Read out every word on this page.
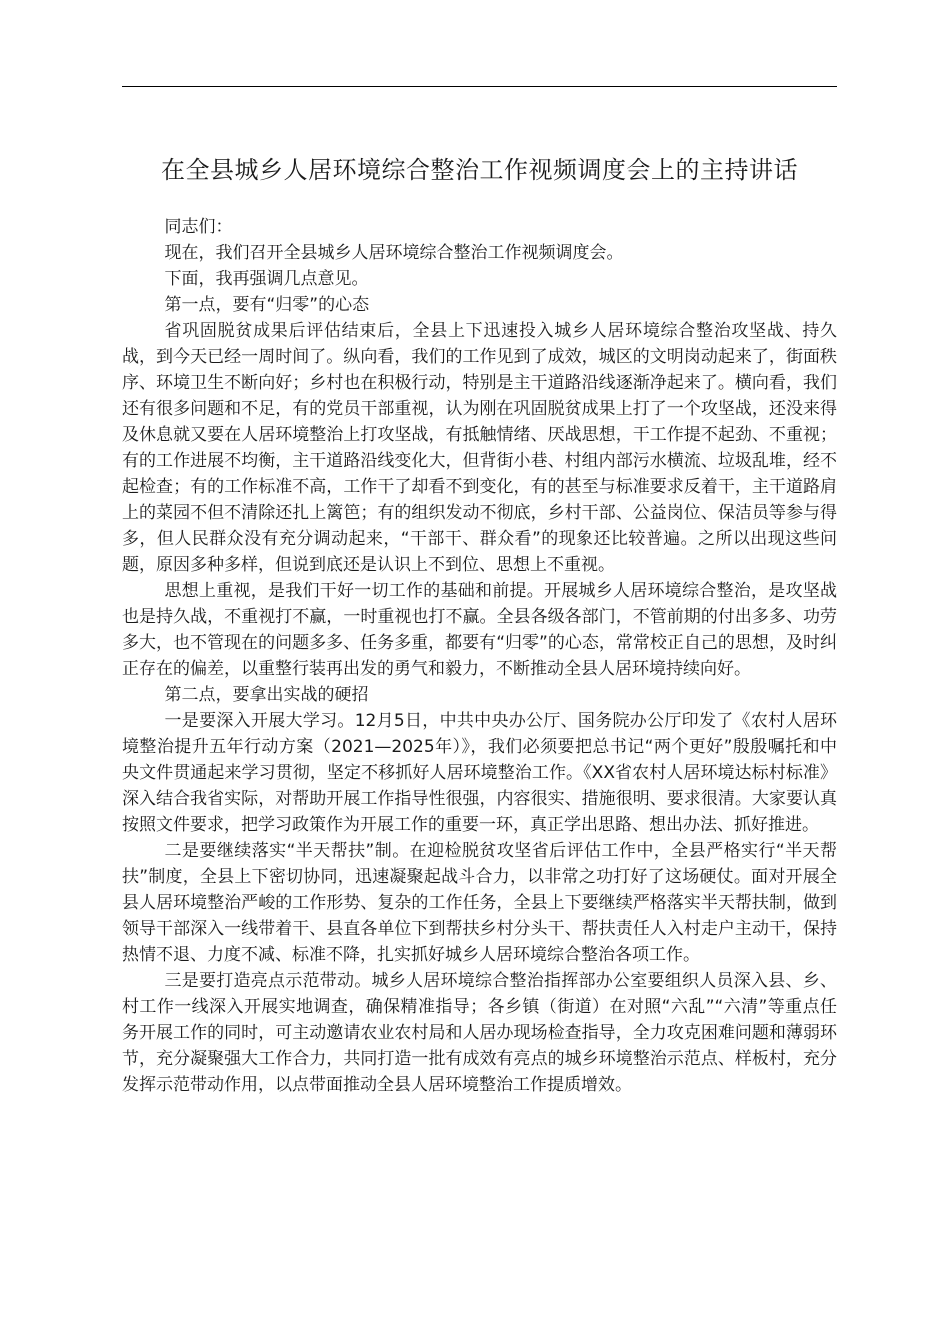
在全县城乡人居环境综合整治工作视频调度会上的主持讲话

同志们：

现在，我们召开全县城乡人居环境综合整治工作视频调度会。

下面，我再强调几点意见。

第一点，要有“归零”的心态

省巩固脱贫成果后评估结束后，全县上下迅速投入城乡人居环境综合整治攻坚战、持久战，到今天已经一周时间了。纵向看，我们的工作见到了成效，城区的文明岗动起来了，街面秩序、环境卫生不断向好；乡村也在积极行动，特别是主干道路沿线逐渐净起来了。横向看，我们还有很多问题和不足，有的党员干部重视，认为刚在巩固脱贫成果上打了一个攻坚战，还没来得及休息就又要在人居环境整治上打攻坚战，有抵触情绪、厌战思想，干工作提不起劲、不重视；有的工作进展不均衡，主干道路沿线变化大，但背街小巷、村组内部污水横流、垃圾乱堆，经不起检查；有的工作标准不高，工作干了却看不到变化，有的甚至与标准要求反着干，主干道路肩上的菜园不但不清除还扎上篱笆；有的组织发动不彻底，乡村干部、公益岗位、保洁员等参与得多，但人民群众没有充分调动起来，“干部干、群众看”的现象还比较普遍。之所以出现这些问题，原因多种多样，但说到底还是认识上不到位、思想上不重视。

思想上重视，是我们干好一切工作的基础和前提。开展城乡人居环境综合整治，是攻坚战也是持久战，不重视打不赢，一时重视也打不赢。全县各级各部门，不管前期的付出多多、功劳多大，也不管现在的问题多多、任务多重，都要有“归零”的心态，常常校正自己的思想，及时纠正存在的偏差，以重整行装再出发的勇气和毅力，不断推动全县人居环境持续向好。

第二点，要拿出实战的硬招

一是要深入开展大学习。12月5日，中共中央办公厅、国务院办公厅印发了《农村人居环境整治提升五年行动方案（2021—2025年）》，我们必须要把总书记“两个更好”殷殷嘱托和中央文件贯通起来学习贯彻，坚定不移抓好人居环境整治工作。《XX省农村人居环境达标村标准》深入结合我省实际，对帮助开展工作指导性很强，内容很实、措施很明、要求很清。大家要认真按照文件要求，把学习政策作为开展工作的重要一环，真正学出思路、想出办法、抓好推进。

二是要继续落实“半天帮扶”制。在迎检脱贫攻坚省后评估工作中，全县严格实行“半天帮扶”制度，全县上下密切协同，迅速凝聚起战斗合力，以非常之功打好了这场硬仗。面对开展全县人居环境整治严峻的工作形势、复杂的工作任务，全县上下要继续严格落实半天帮扶制，做到领导干部深入一线带着干、县直各单位下到帮扶乡村分头干、帮扶责任人入村走户主动干，保持热情不退、力度不减、标准不降，扎实抓好城乡人居环境综合整治各项工作。

三是要打造亮点示范带动。城乡人居环境综合整治指挥部办公室要组织人员深入县、乡、村工作一线深入开展实地调查，确保精准指导；各乡镇（街道）在对照“六乱”“六清”等重点任务开展工作的同时，可主动邀请农业农村局和人居办现场检查指导，全力攻克困难问题和薄弱环节，充分凝聚强大工作合力，共同打造一批有成效有亮点的城乡环境整治示范点、样板村，充分发挥示范带动作用，以点带面推动全县人居环境整治工作提质增效。
